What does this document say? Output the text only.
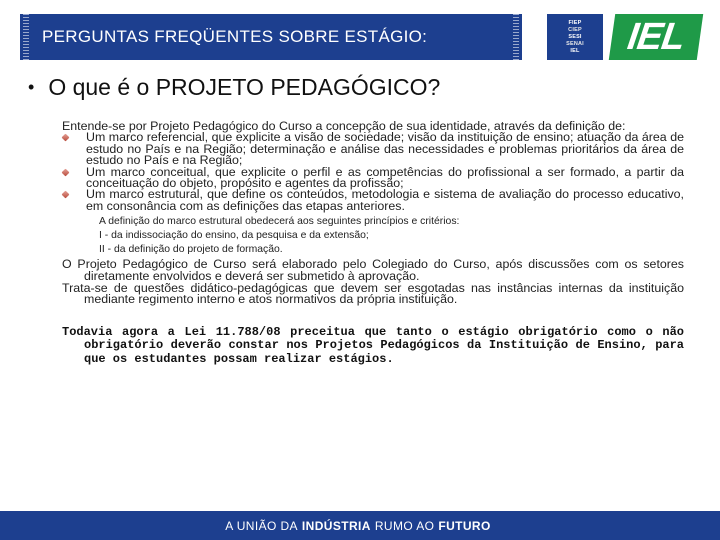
PERGUNTAS FREQÜENTES SOBRE ESTÁGIO:
FIEP
CIEP
SESI
SENAI
IEL IEL
• O que é o PROJETO PEDAGÓGICO?
Entende-se por Projeto Pedagógico do Curso a concepção de sua identidade, através da definição de:
Um marco referencial, que explicite a visão de sociedade; visão da instituição de ensino; atuação da área de estudo no País e na Região; determinação e análise das necessidades e problemas prioritários da área de estudo no País e na Região;
Um marco conceitual, que explicite o perfil e as competências do profissional a ser formado, a partir da conceituação do objeto, propósito e agentes da profissão;
Um marco estrutural, que define os conteúdos, metodologia e sistema de avaliação do processo educativo, em consonância com as definições das etapas anteriores.
A definição do marco estrutural obedecerá aos seguintes princípios e critérios:
I - da indissociação do ensino, da pesquisa e da extensão;
II - da definição do projeto de formação.
O Projeto Pedagógico de Curso será elaborado pelo Colegiado do Curso, após discussões com os setores diretamente envolvidos e deverá ser submetido à aprovação.
Trata-se de questões didático-pedagógicas que devem ser esgotadas nas instâncias internas da instituição mediante regimento interno e atos normativos da própria instituição.
Todavia agora a Lei 11.788/08 preceitua que tanto o estágio obrigatório como o não obrigatório deverão constar nos Projetos Pedagógicos da Instituição de Ensino, para que os estudantes possam realizar estágios.
A UNIÃO DA INDÚSTRIA RUMO AO FUTURO
